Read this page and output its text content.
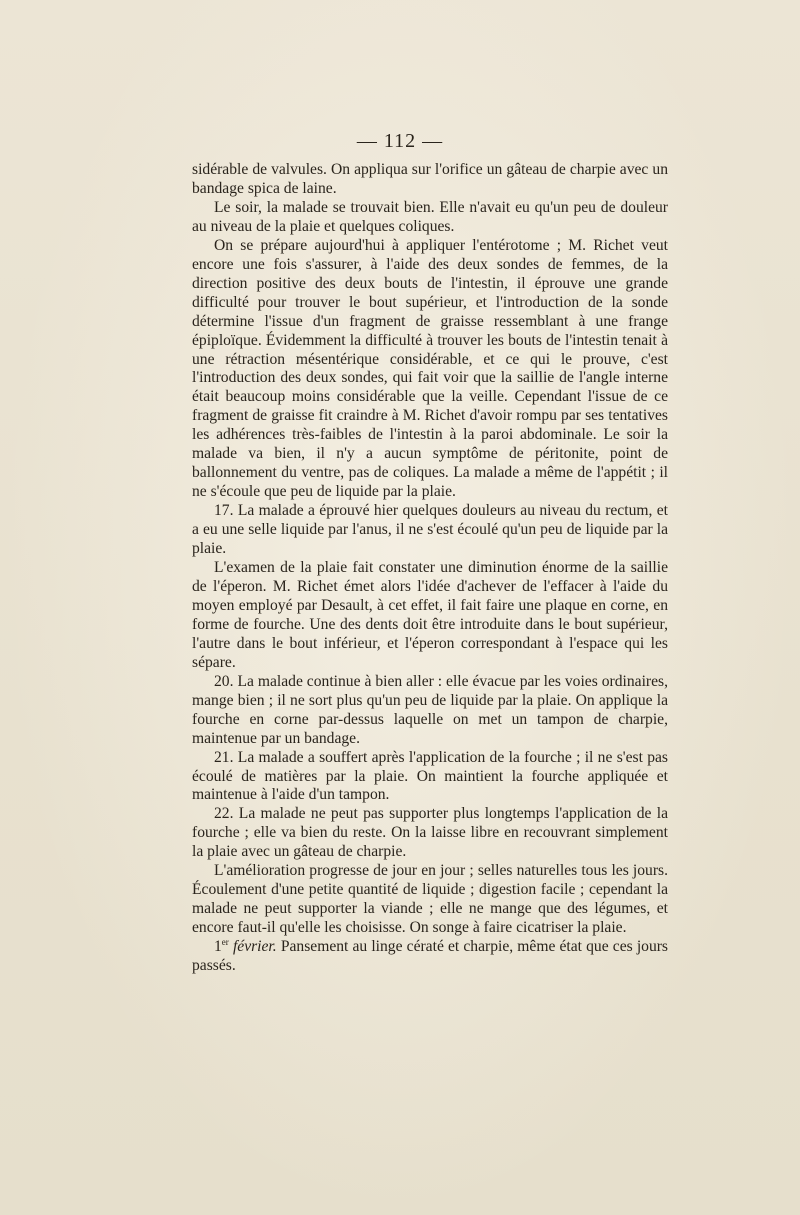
— 112 —

sidérable de valvules. On appliqua sur l'orifice un gâteau de charpie avec un bandage spica de laine.

Le soir, la malade se trouvait bien. Elle n'avait eu qu'un peu de douleur au niveau de la plaie et quelques coliques.

On se prépare aujourd'hui à appliquer l'entérotome ; M. Richet veut encore une fois s'assurer, à l'aide des deux sondes de femmes, de la direction positive des deux bouts de l'intestin, il éprouve une grande difficulté pour trouver le bout supérieur, et l'introduction de la sonde détermine l'issue d'un fragment de graisse ressemblant à une frange épiploïque. Évidemment la difficulté à trouver les bouts de l'intestin tenait à une rétraction mésentérique considérable, et ce qui le prouve, c'est l'introduction des deux sondes, qui fait voir que la saillie de l'angle interne était beaucoup moins considérable que la veille. Cependant l'issue de ce fragment de graisse fit craindre à M. Richet d'avoir rompu par ses tentatives les adhérences très-faibles de l'intestin à la paroi abdominale. Le soir la malade va bien, il n'y a aucun symptôme de péritonite, point de ballonnement du ventre, pas de coliques. La malade a même de l'appétit ; il ne s'écoule que peu de liquide par la plaie.

17. La malade a éprouvé hier quelques douleurs au niveau du rectum, et a eu une selle liquide par l'anus, il ne s'est écoulé qu'un peu de liquide par la plaie.

L'examen de la plaie fait constater une diminution énorme de la saillie de l'éperon. M. Richet émet alors l'idée d'achever de l'effacer à l'aide du moyen employé par Desault, à cet effet, il fait faire une plaque en corne, en forme de fourche. Une des dents doit être introduite dans le bout supérieur, l'autre dans le bout inférieur, et l'éperon correspondant à l'espace qui les sépare.

20. La malade continue à bien aller : elle évacue par les voies ordinaires, mange bien ; il ne sort plus qu'un peu de liquide par la plaie. On applique la fourche en corne par-dessus laquelle on met un tampon de charpie, maintenue par un bandage.

21. La malade a souffert après l'application de la fourche ; il ne s'est pas écoulé de matières par la plaie. On maintient la fourche appliquée et maintenue à l'aide d'un tampon.

22. La malade ne peut pas supporter plus longtemps l'application de la fourche ; elle va bien du reste. On la laisse libre en recouvrant simplement la plaie avec un gâteau de charpie.

L'amélioration progresse de jour en jour ; selles naturelles tous les jours. Écoulement d'une petite quantité de liquide ; digestion facile ; cependant la malade ne peut supporter la viande ; elle ne mange que des légumes, et encore faut-il qu'elle les choisisse. On songe à faire cicatriser la plaie.

1er février. Pansement au linge cératé et charpie, même état que ces jours passés.
